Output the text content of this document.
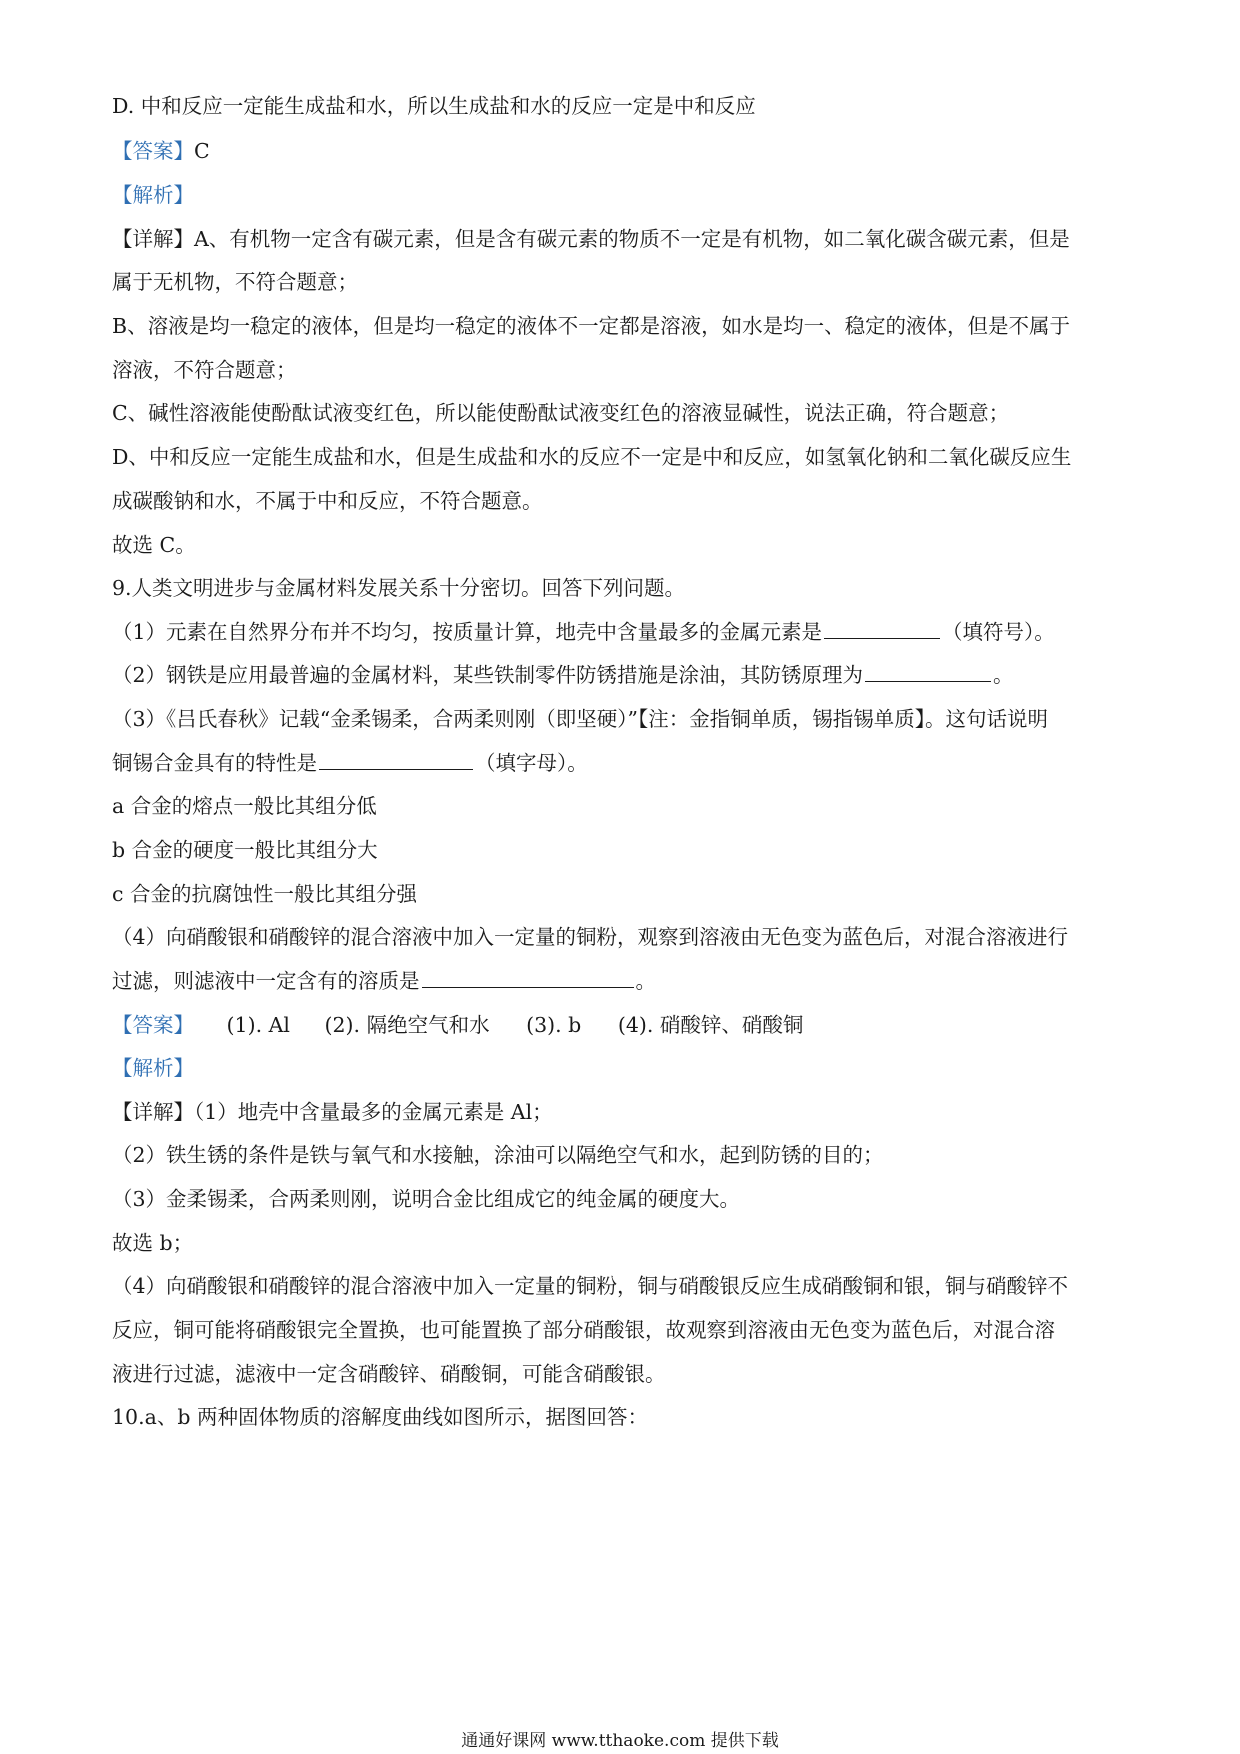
D. 中和反应一定能生成盐和水，所以生成盐和水的反应一定是中和反应
【答案】C
【解析】
【详解】A、有机物一定含有碳元素，但是含有碳元素的物质不一定是有机物，如二氧化碳含碳元素，但是
属于无机物，不符合题意；
B、溶液是均一稳定的液体，但是均一稳定的液体不一定都是溶液，如水是均一、稳定的液体，但是不属于
溶液，不符合题意；
C、碱性溶液能使酚酞试液变红色，所以能使酚酞试液变红色的溶液显碱性，说法正确，符合题意；
D、中和反应一定能生成盐和水，但是生成盐和水的反应不一定是中和反应，如氢氧化钠和二氧化碳反应生
成碳酸钠和水，不属于中和反应，不符合题意。
故选 C。
9.人类文明进步与金属材料发展关系十分密切。回答下列问题。
（1）元素在自然界分布并不均匀，按质量计算，地壳中含量最多的金属元素是	（填符号）。
（2）钢铁是应用最普遍的金属材料，某些铁制零件防锈措施是涂油，其防锈原理为	。
（3）《吕氏春秋》记载“金柔锡柔，合两柔则刚（即坚硬）”【注：金指铜单质，锡指锡单质】。这句话说明
铜锡合金具有的特性是	（填字母）。
a 合金的熔点一般比其组分低
b 合金的硬度一般比其组分大
c 合金的抗腐蚀性一般比其组分强
（4）向硝酸银和硝酸锌的混合溶液中加入一定量的铜粉，观察到溶液由无色变为蓝色后，对混合溶液进行
过滤，则滤液中一定含有的溶质是	。
【答案】 (1). Al (2). 隔绝空气和水 (3). b (4). 硝酸锌、硝酸铜
【解析】
【详解】（1）地壳中含量最多的金属元素是 Al；
（2）铁生锈的条件是铁与氧气和水接触，涂油可以隔绝空气和水，起到防锈的目的；
（3）金柔锡柔，合两柔则刚，说明合金比组成它的纯金属的硬度大。
故选 b；
（4）向硝酸银和硝酸锌的混合溶液中加入一定量的铜粉，铜与硝酸银反应生成硝酸铜和银，铜与硝酸锌不
反应，铜可能将硝酸银完全置换，也可能置换了部分硝酸银，故观察到溶液由无色变为蓝色后，对混合溶
液进行过滤，滤液中一定含硝酸锌、硝酸铜，可能含硝酸银。
10.a、b 两种固体物质的溶解度曲线如图所示，据图回答：
通通好课网 www.tthaoke.com 提供下载
